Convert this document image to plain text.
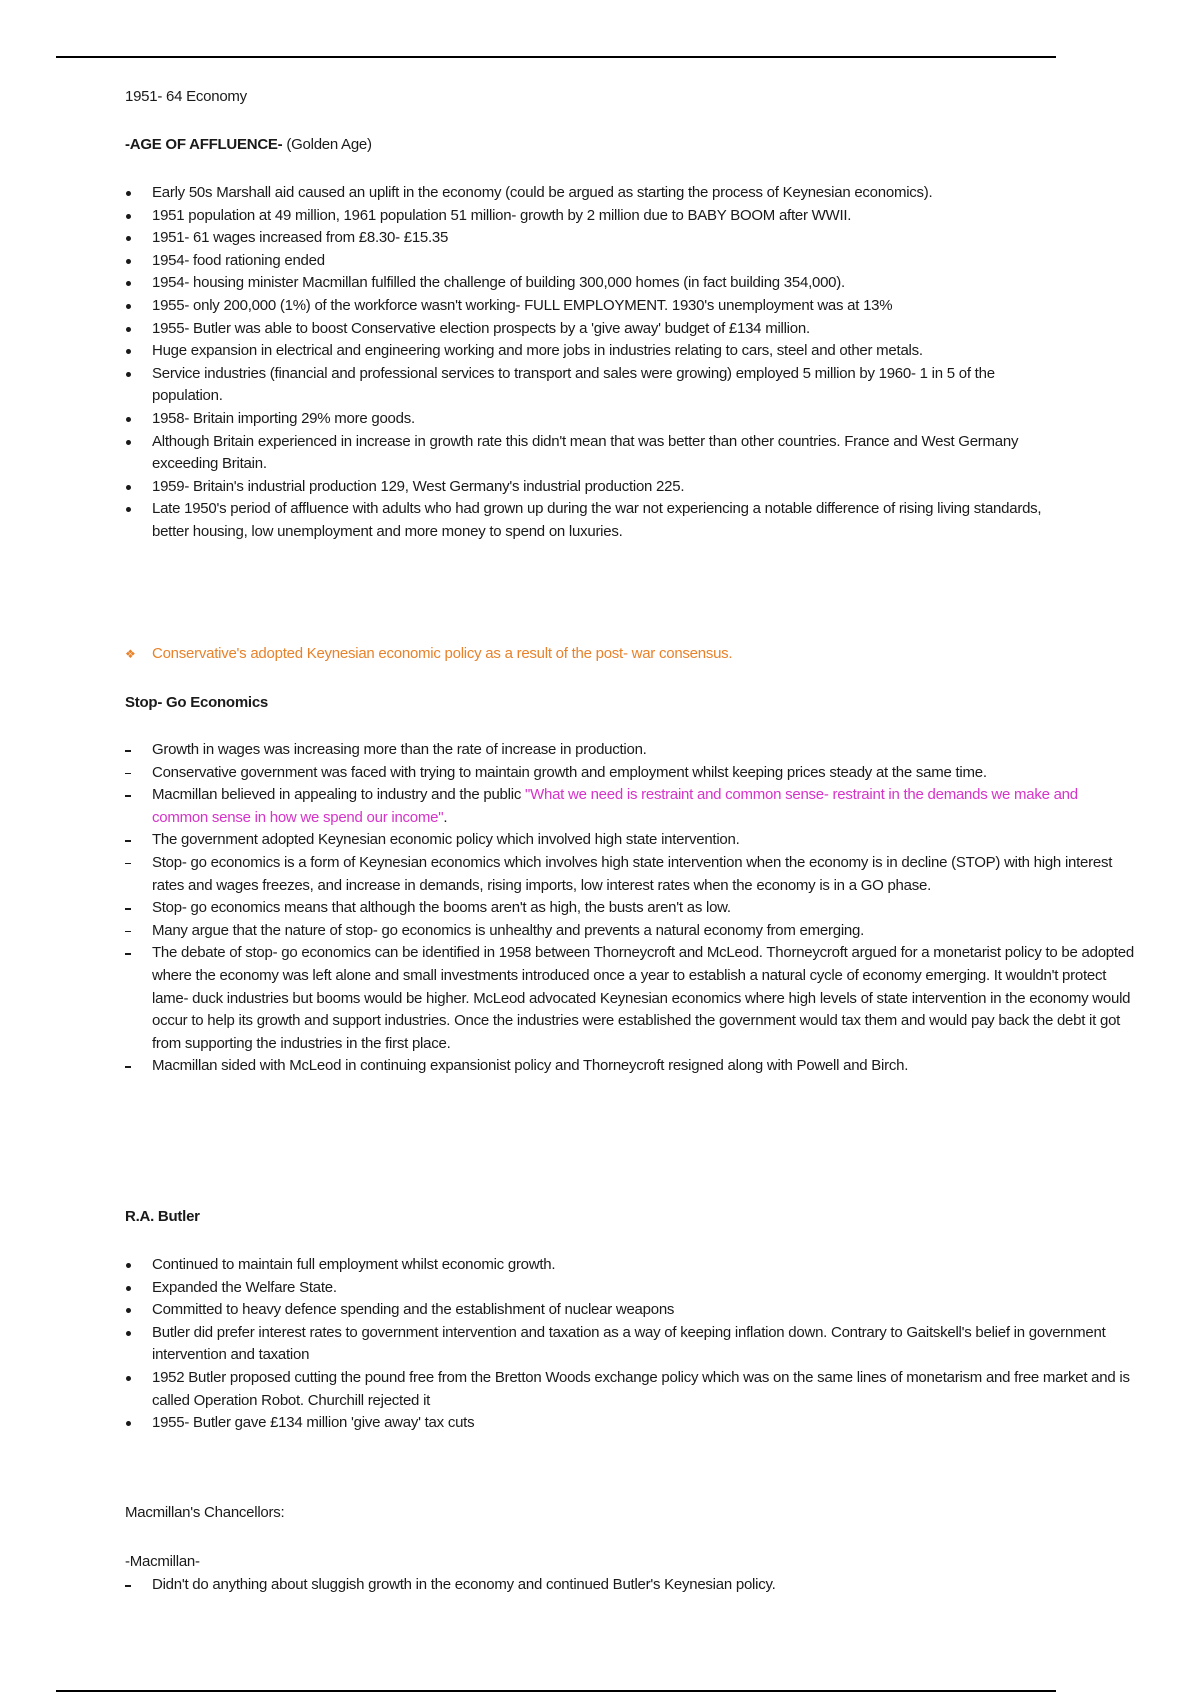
1951- 64 Economy
-AGE OF AFFLUENCE- (Golden Age)
Early 50s Marshall aid caused an uplift in the economy (could be argued as starting the process of Keynesian economics).
1951 population at 49 million, 1961 population 51 million- growth by 2 million due to BABY BOOM after WWII.
1951- 61 wages increased from £8.30- £15.35
1954- food rationing ended
1954- housing minister Macmillan fulfilled the challenge of building 300,000 homes (in fact building 354,000).
1955- only 200,000 (1%) of the workforce wasn't working- FULL EMPLOYMENT. 1930's unemployment was at 13%
1955- Butler was able to boost Conservative election prospects by a 'give away' budget of £134 million.
Huge expansion in electrical and engineering working and more jobs in industries relating to cars, steel and other metals.
Service industries (financial and professional services to transport and sales were growing) employed 5 million by 1960- 1 in 5 of the population.
1958- Britain importing 29% more goods.
Although Britain experienced in increase in growth rate this didn't mean that was better than other countries. France and West Germany exceeding Britain.
1959- Britain's industrial production 129, West Germany's industrial production 225.
Late 1950's period of affluence with adults who had grown up during the war not experiencing a notable difference of rising living standards, better housing, low unemployment and more money to spend on luxuries.
❖ Conservative's adopted Keynesian economic policy as a result of the post- war consensus.
Stop- Go Economics
Growth in wages was increasing more than the rate of increase in production.
Conservative government was faced with trying to maintain growth and employment whilst keeping prices steady at the same time.
Macmillan believed in appealing to industry and the public "What we need is restraint and common sense- restraint in the demands we make and common sense in how we spend our income".
The government adopted Keynesian economic policy which involved high state intervention.
Stop- go economics is a form of Keynesian economics which involves high state intervention when the economy is in decline (STOP) with high interest rates and wages freezes, and increase in demands, rising imports, low interest rates when the economy is in a GO phase.
Stop- go economics means that although the booms aren't as high, the busts aren't as low.
Many argue that the nature of stop- go economics is unhealthy and prevents a natural economy from emerging.
The debate of stop- go economics can be identified in 1958 between Thorneycroft and McLeod. Thorneycroft argued for a monetarist policy to be adopted where the economy was left alone and small investments introduced once a year to establish a natural cycle of economy emerging. It wouldn't protect lame- duck industries but booms would be higher. McLeod advocated Keynesian economics where high levels of state intervention in the economy would occur to help its growth and support industries. Once the industries were established the government would tax them and would pay back the debt it got from supporting the industries in the first place.
Macmillan sided with McLeod in continuing expansionist policy and Thorneycroft resigned along with Powell and Birch.
R.A. Butler
Continued to maintain full employment whilst economic growth.
Expanded the Welfare State.
Committed to heavy defence spending and the establishment of nuclear weapons
Butler did prefer interest rates to government intervention and taxation as a way of keeping inflation down. Contrary to Gaitskell's belief in government intervention and taxation
1952 Butler proposed cutting the pound free from the Bretton Woods exchange policy which was on the same lines of monetarism and free market and is called Operation Robot. Churchill rejected it
1955- Butler gave £134 million 'give away' tax cuts
Macmillan's Chancellors:
-Macmillan-
Didn't do anything about sluggish growth in the economy and continued Butler's Keynesian policy.
